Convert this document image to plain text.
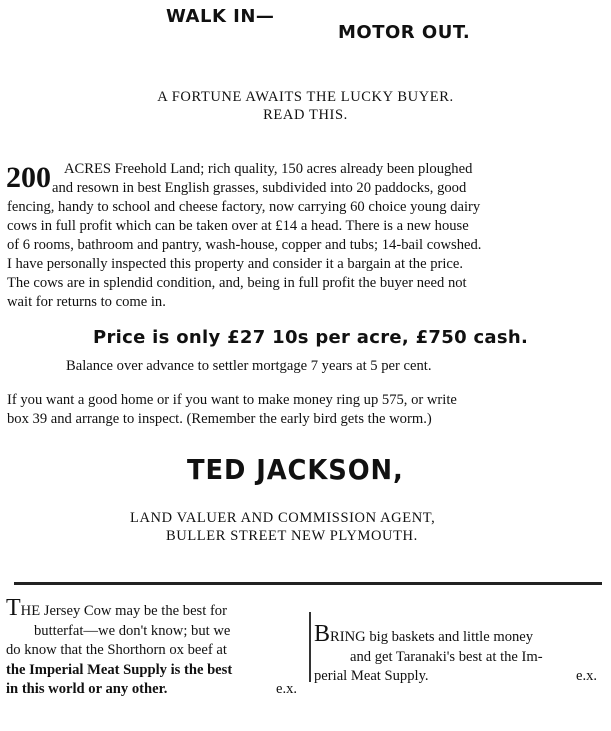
WALK IN—
MOTOR OUT.
A FORTUNE AWAITS THE LUCKY BUYER.
READ THIS.
200 ACRES Freehold Land; rich quality, 150 acres already been ploughed
and resown in best English grasses, subdivided into 20 paddocks, good
fencing, handy to school and cheese factory, now carrying 60 choice young dairy
cows in full profit which can be taken over at £14 a head. There is a new house
of 6 rooms, bathroom and pantry, wash-house, copper and tubs; 14-bail cowshed.
I have personally inspected this property and consider it a bargain at the price.
The cows are in splendid condition, and, being in full profit the buyer need not
wait for returns to come in.
Price is only £27 10s per acre, £750 cash.
Balance over advance to settler mortgage 7 years at 5 per cent.
If you want a good home or if you want to make money ring up 575, or write
box 39 and arrange to inspect. (Remember the early bird gets the worm.)
TED JACKSON,
LAND VALUER AND COMMISSION AGENT,
BULLER STREET NEW PLYMOUTH.
THE Jersey Cow may be the best for
butterfat—we don't know; but we
do know that the Shorthorn ox beef at
the Imperial Meat Supply is the best
in this world or any other.	e.x.
BRING big baskets and little money
and get Taranaki's best at the Im-
perial Meat Supply.	e.x.
